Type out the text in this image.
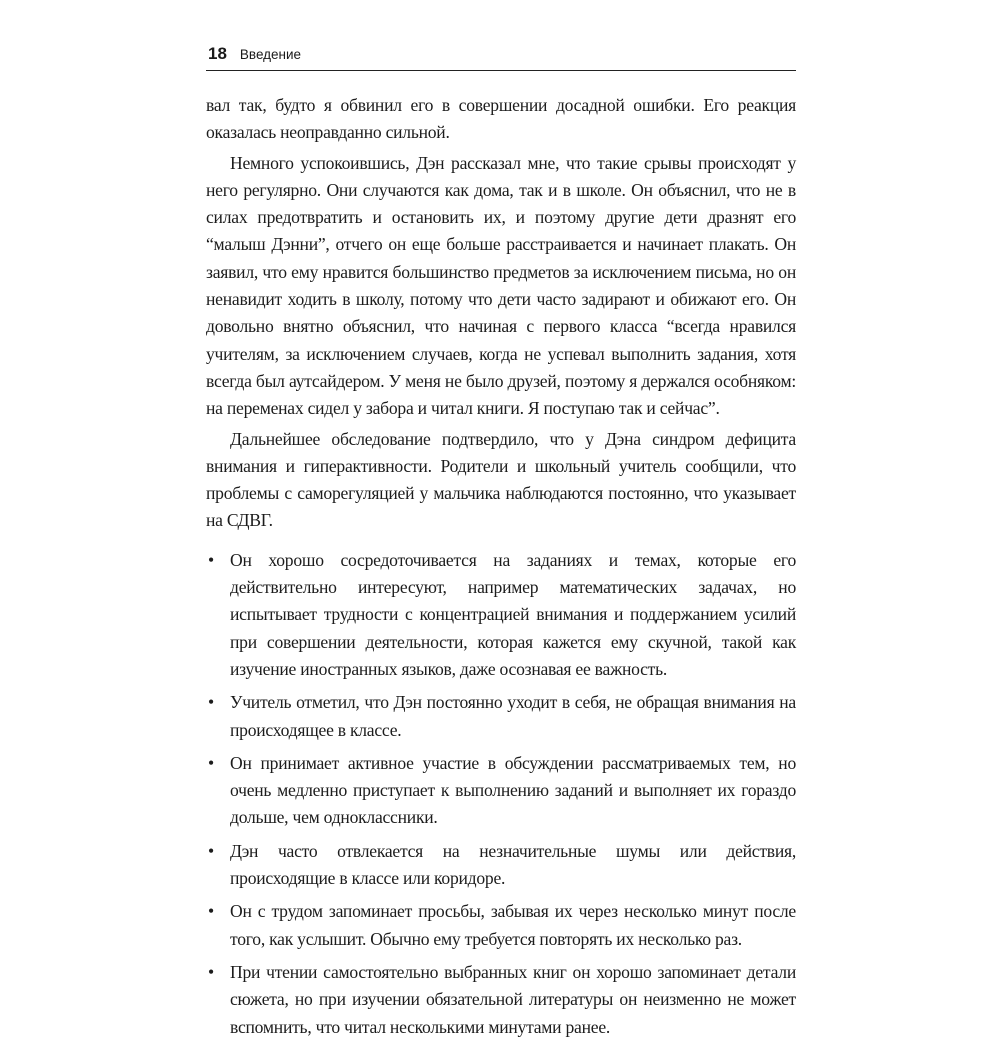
18 Введение

вал так, будто я обвинил его в совершении досадной ошибки. Его реакция оказалась неоправданно сильной.

Немного успокоившись, Дэн рассказал мне, что такие срывы происходят у него регулярно. Они случаются как дома, так и в школе. Он объяснил, что не в силах предотвратить и остановить их, и поэтому другие дети дразнят его “малыш Дэнни”, отчего он еще больше расстраивается и начинает плакать. Он заявил, что ему нравится большинство предметов за исключением письма, но он ненавидит ходить в школу, потому что дети часто задирают и обижают его. Он довольно внятно объяснил, что начиная с первого класса “всегда нравился учителям, за исключением случаев, когда не успевал выполнить задания, хотя всегда был аутсайдером. У меня не было друзей, поэтому я держался особняком: на переменах сидел у забора и читал книги. Я поступаю так и сейчас”.

Дальнейшее обследование подтвердило, что у Дэна синдром дефицита внимания и гиперактивности. Родители и школьный учитель сообщили, что проблемы с саморегуляцией у мальчика наблюдаются постоянно, что указывает на СДВГ.

• Он хорошо сосредоточивается на заданиях и темах, которые его действительно интересуют, например математических задачах, но испытывает трудности с концентрацией внимания и поддержанием усилий при совершении деятельности, которая кажется ему скучной, такой как изучение иностранных языков, даже осознавая ее важность.
• Учитель отметил, что Дэн постоянно уходит в себя, не обращая внимания на происходящее в классе.
• Он принимает активное участие в обсуждении рассматриваемых тем, но очень медленно приступает к выполнению заданий и выполняет их гораздо дольше, чем одноклассники.
• Дэн часто отвлекается на незначительные шумы или действия, происходящие в классе или коридоре.
• Он с трудом запоминает просьбы, забывая их через несколько минут после того, как услышит. Обычно ему требуется повторять их несколько раз.
• При чтении самостоятельно выбранных книг он хорошо запоминает детали сюжета, но при изучении обязательной литературы он неизменно не может вспомнить, что читал несколькими минутами ранее.
